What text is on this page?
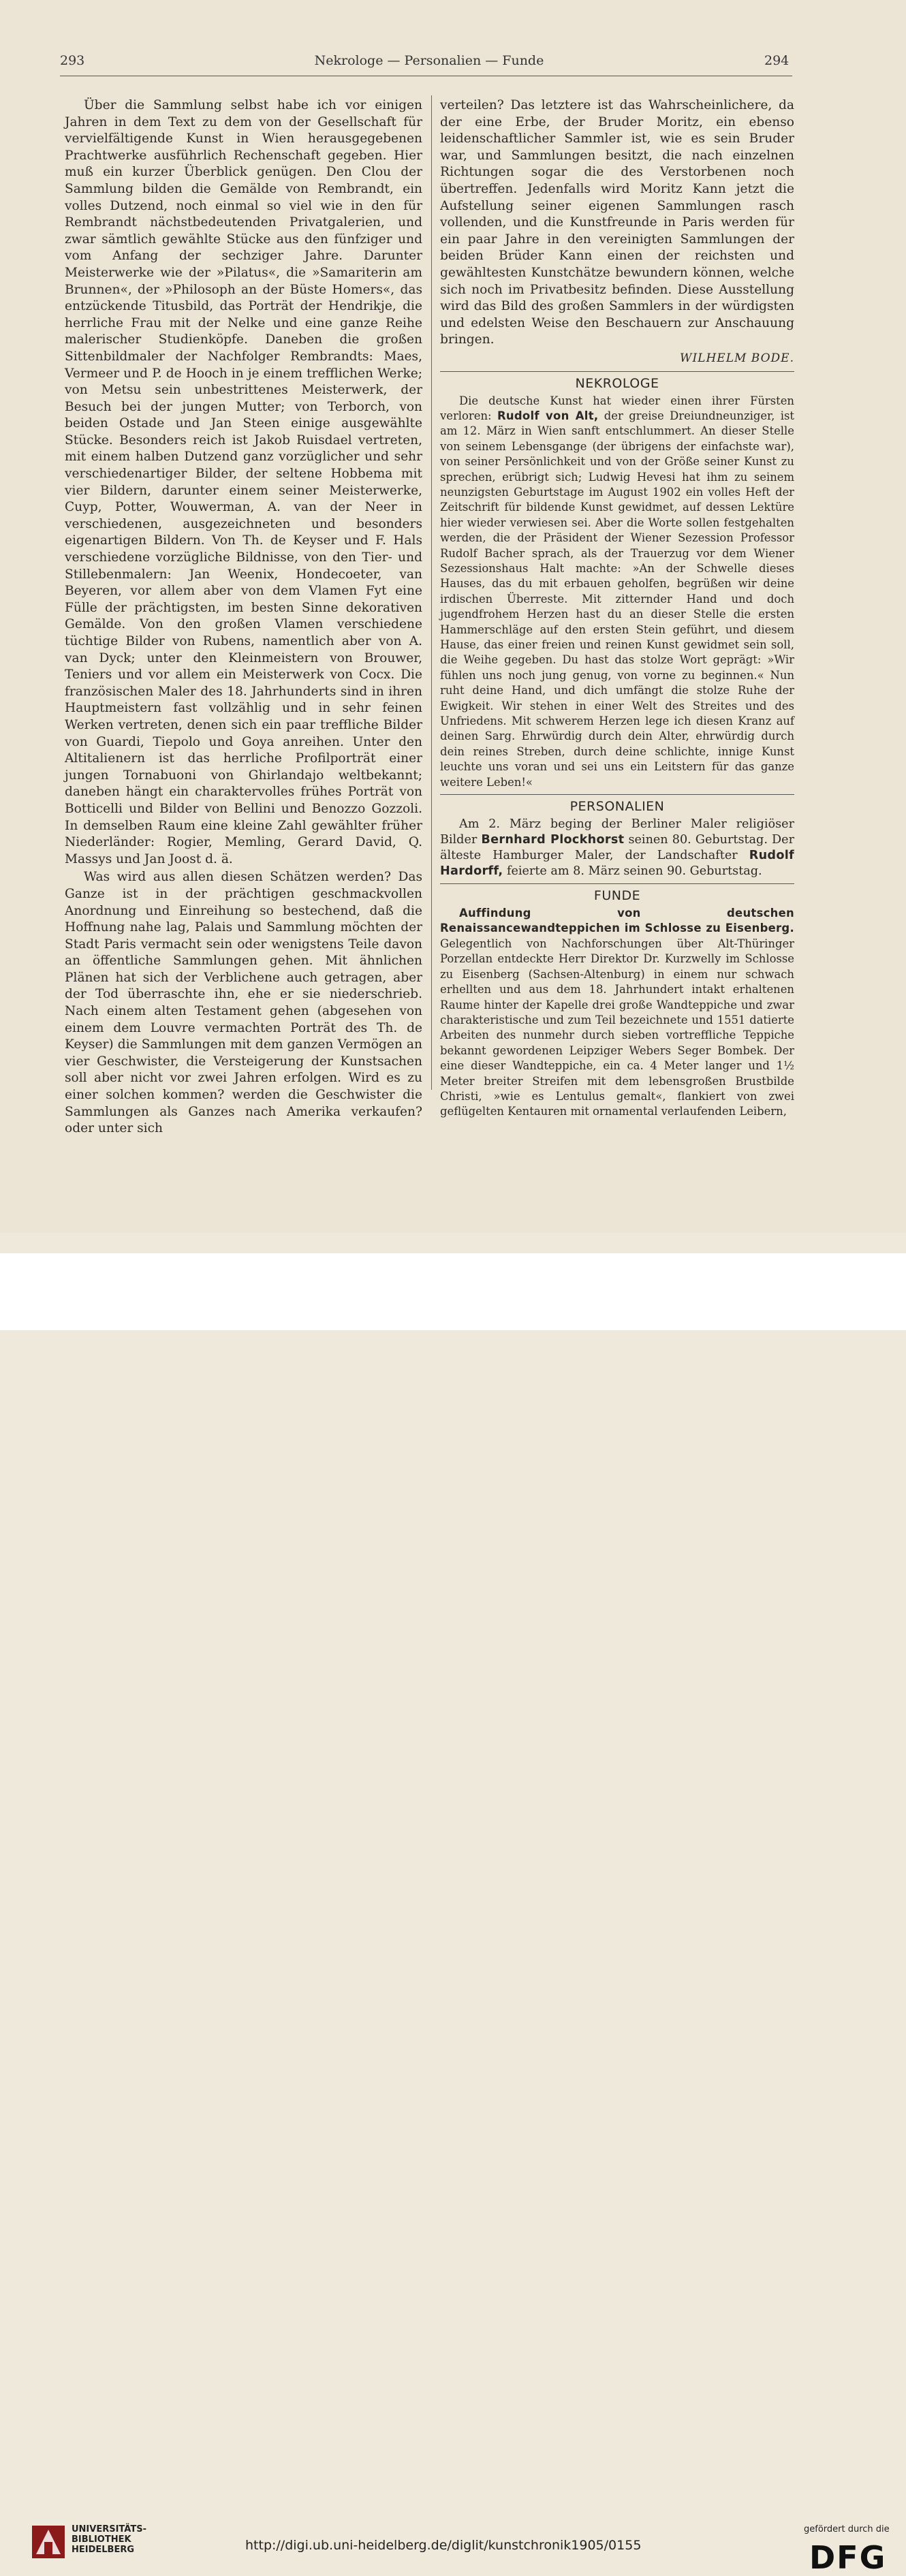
293	Nekrologe — Personalien — Funde	294

Über die Sammlung selbst habe ich vor einigen Jahren in dem Text zu dem von der Gesellschaft für vervielfältigende Kunst in Wien herausgegebenen Prachtwerke ausführlich Rechenschaft gegeben. Hier muß ein kurzer Überblick genügen. Den Clou der Sammlung bilden die Gemälde von Rembrandt, ein volles Dutzend, noch einmal so viel wie in den für Rembrandt nächstbedeutenden Privatgalerien, und zwar sämtlich gewählte Stücke aus den fünfziger und vom Anfang der sechziger Jahre. Darunter Meisterwerke wie der »Pilatus«, die »Samariterin am Brunnen«, der »Philosoph an der Büste Homers«, das entzückende Titusbild, das Porträt der Hendrikje, die herrliche Frau mit der Nelke und eine ganze Reihe malerischer Studienköpfe. Daneben die großen Sittenbildmaler der Nachfolger Rembrandts: Maes, Vermeer und P. de Hooch in je einem trefflichen Werke; von Metsu sein unbestrittenes Meisterwerk, der Besuch bei der jungen Mutter; von Terborch, von beiden Ostade und Jan Steen einige ausgewählte Stücke. Besonders reich ist Jakob Ruisdael vertreten, mit einem halben Dutzend ganz vorzüglicher und sehr verschiedenartiger Bilder, der seltene Hobbema mit vier Bildern, darunter einem seiner Meisterwerke, Cuyp, Potter, Wouwerman, A. van der Neer in verschiedenen, ausgezeichneten und besonders eigenartigen Bildern. Von Th. de Keyser und F. Hals verschiedene vorzügliche Bildnisse, von den Tier- und Stillebenmalern: Jan Weenix, Hondecoeter, van Beyeren, vor allem aber von dem Vlamen Fyt eine Fülle der prächtigsten, im besten Sinne dekorativen Gemälde. Von den großen Vlamen verschiedene tüchtige Bilder von Rubens, namentlich aber von A. van Dyck; unter den Kleinmeistern von Brouwer, Teniers und vor allem ein Meisterwerk von Cocx. Die französischen Maler des 18. Jahrhunderts sind in ihren Hauptmeistern fast vollzählig und in sehr feinen Werken vertreten, denen sich ein paar treffliche Bilder von Guardi, Tiepolo und Goya anreihen. Unter den Altitalienern ist das herrliche Profilporträt einer jungen Tornabuoni von Ghirlandajo weltbekannt; daneben hängt ein charaktervolles frühes Porträt von Botticelli und Bilder von Bellini und Benozzo Gozzoli. In demselben Raum eine kleine Zahl gewählter früher Niederländer: Rogier, Memling, Gerard David, Q. Massys und Jan Joost d. ä.

Was wird aus allen diesen Schätzen werden? Das Ganze ist in der prächtigen geschmackvollen Anordnung und Einreihung so bestechend, daß die Hoffnung nahe lag, Palais und Sammlung möchten der Stadt Paris vermacht sein oder wenigstens Teile davon an öffentliche Sammlungen gehen. Mit ähnlichen Plänen hat sich der Verblichene auch getragen, aber der Tod überraschte ihn, ehe er sie niederschrieb. Nach einem alten Testament gehen (abgesehen von einem dem Louvre vermachten Porträt des Th. de Keyser) die Sammlungen mit dem ganzen Vermögen an vier Geschwister, die Versteigerung der Kunstsachen soll aber nicht vor zwei Jahren erfolgen. Wird es zu einer solchen kommen? werden die Geschwister die Sammlungen als Ganzes nach Amerika verkaufen? oder unter sich

verteilen? Das letztere ist das Wahrscheinlichere, da der eine Erbe, der Bruder Moritz, ein ebenso leidenschaftlicher Sammler ist, wie es sein Bruder war, und Sammlungen besitzt, die nach einzelnen Richtungen sogar die des Verstorbenen noch übertreffen. Jedenfalls wird Moritz Kann jetzt die Aufstellung seiner eigenen Sammlungen rasch vollenden, und die Kunstfreunde in Paris werden für ein paar Jahre in den vereinigten Sammlungen der beiden Brüder Kann einen der reichsten und gewähltesten Kunstchätze bewundern können, welche sich noch im Privatbesitz befinden. Diese Ausstellung wird das Bild des großen Sammlers in der würdigsten und edelsten Weise den Beschauern zur Anschauung bringen.

WILHELM BODE.
NEKROLOGE

Die deutsche Kunst hat wieder einen ihrer Fürsten verloren: Rudolf von Alt, der greise Dreiundneunziger, ist am 12. März in Wien sanft entschlummert. An dieser Stelle von seinem Lebensgange (der übrigens der einfachste war), von seiner Persönlichkeit und von der Größe seiner Kunst zu sprechen, erübrigt sich; Ludwig Hevesi hat ihm zu seinem neunzigsten Geburtstage im August 1902 ein volles Heft der Zeitschrift für bildende Kunst gewidmet, auf dessen Lektüre hier wieder verwiesen sei. Aber die Worte sollen festgehalten werden, die der Präsident der Wiener Sezession Professor Rudolf Bacher sprach, als der Trauerzug vor dem Wiener Sezessionshaus Halt machte: »An der Schwelle dieses Hauses, das du mit erbauen geholfen, begrüßen wir deine irdischen Überreste. Mit zitternder Hand und doch jugendfrohem Herzen hast du an dieser Stelle die ersten Hammerschläge auf den ersten Stein geführt, und diesem Hause, das einer freien und reinen Kunst gewidmet sein soll, die Weihe gegeben. Du hast das stolze Wort geprägt: »Wir fühlen uns noch jung genug, von vorne zu beginnen.« Nun ruht deine Hand, und dich umfängt die stolze Ruhe der Ewigkeit. Wir stehen in einer Welt des Streites und des Unfriedens. Mit schwerem Herzen lege ich diesen Kranz auf deinen Sarg. Ehrwürdig durch dein Alter, ehrwürdig durch dein reines Streben, durch deine schlichte, innige Kunst leuchte uns voran und sei uns ein Leitstern für das ganze weitere Leben!«

PERSONALIEN

Am 2. März beging der Berliner Maler religiöser Bilder Bernhard Plockhorst seinen 80. Geburtstag. Der älteste Hamburger Maler, der Landschafter Rudolf Hardorff, feierte am 8. März seinen 90. Geburtstag.

FUNDE

Auffindung von deutschen Renaissancewandteppichen im Schlosse zu Eisenberg. Gelegentlich von Nachforschungen über Alt-Thüringer Porzellan entdeckte Herr Direktor Dr. Kurzwelly im Schlosse zu Eisenberg (Sachsen-Altenburg) in einem nur schwach erhellten und aus dem 18. Jahrhundert intakt erhaltenen Raume hinter der Kapelle drei große Wandteppiche und zwar charakteristische und zum Teil bezeichnete und 1551 datierte Arbeiten des nunmehr durch sieben vortreffliche Teppiche bekannt gewordenen Leipziger Webers Seger Bombek. Der eine dieser Wandteppiche, ein ca. 4 Meter langer und 1½ Meter breiter Streifen mit dem lebensgroßen Brustbilde Christi, »wie es Lentulus gemalt«, flankiert von zwei geflügelten Kentauren mit ornamental verlaufenden Leibern,

UNIVERSITÄTS-
BIBLIOTHEK
HEIDELBERG	http://digi.ub.uni-heidelberg.de/diglit/kunstchronik1905/0155
gefördert durch die
DFG
